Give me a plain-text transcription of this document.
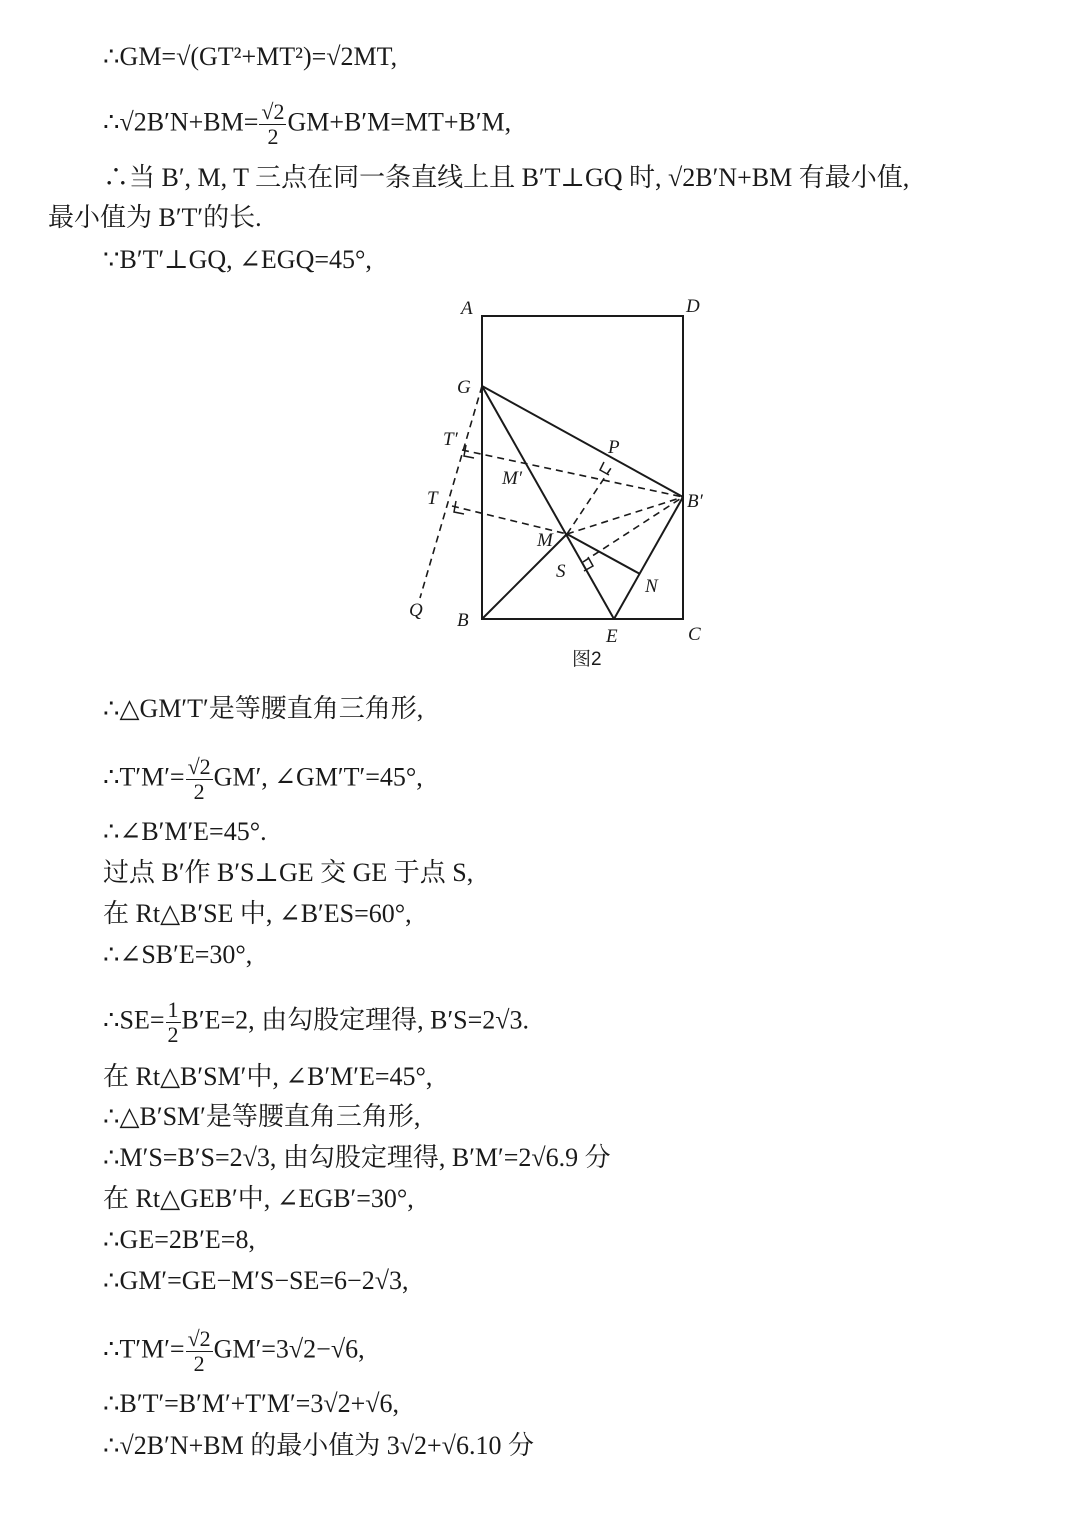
∴GM=√(GT²+MT²)=√2MT,
∴√2B′N+BM= $\frac{√2}{2} GM+B'M=MT+B'M$,
∴当 B′, M, T 三点在同一条直线上且 B′T⊥GQ 时, √2B′N+BM 有最小值,
最小值为 B′T′的长.
∵B′T′⊥GQ, ∠EGQ=45°,
A	D
G
T′	P
M′
T	B′
M
S
N
Q B
E	C
图2
∴△GM′T′是等腰直角三角形,
∴T′M′= $\frac{√2}{2} GM'$, ∠GM′T′=45°,
∴∠B′M′E=45°.
过点 B′作 B′S⊥GE 交 GE 于点 S,
在 Rt△B′SE 中, ∠B′ES=60°,
∴∠SB′E=30°,
∴SE= $\frac{1}{2} B'E=2$, 由勾股定理得, B′S=2√3.
在 Rt△B′SM′中, ∠B′M′E=45°,
∴△B′SM′是等腰直角三角形,
∴M′S=B′S=2√3, 由勾股定理得, B′M′=2√6.9 分
在 Rt△GEB′中, ∠EGB′=30°,
∴GE=2B′E=8,
∴GM′=GE−M′S−SE=6−2√3,
∴T′M′= $\frac{√2}{2} GM'=3√2-√6$,
∴B′T′=B′M′+T′M′=3√2+√6,
∴√2B′N+BM 的最小值为 3√2+√6.10 分
